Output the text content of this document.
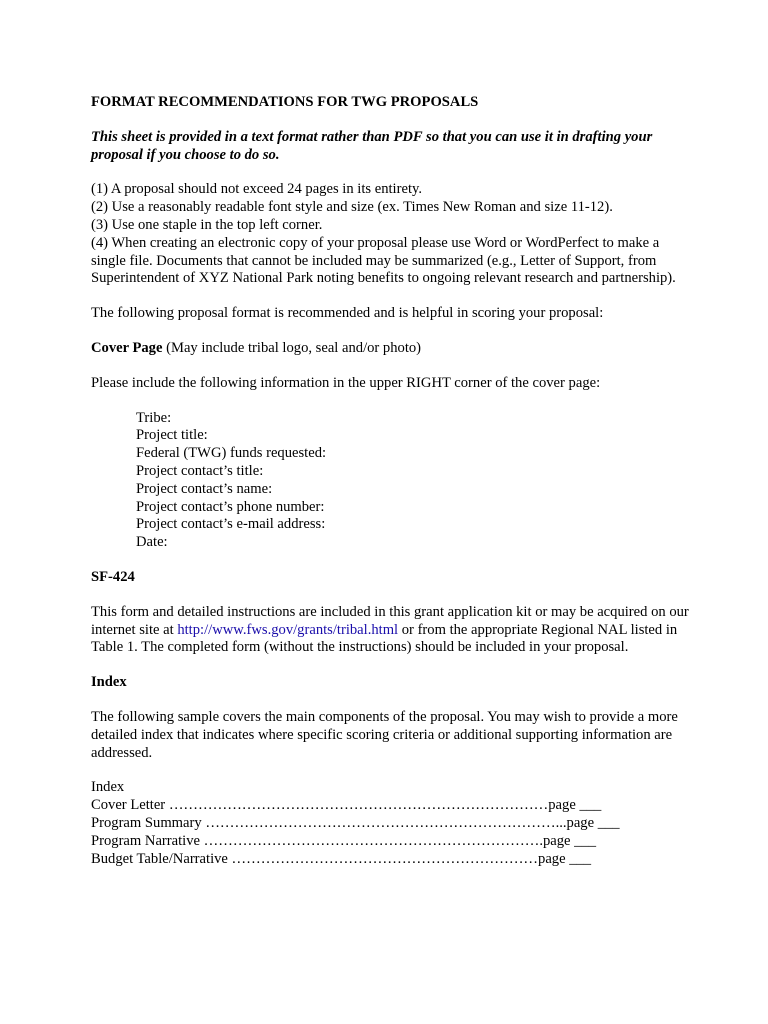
FORMAT RECOMMENDATIONS FOR TWG PROPOSALS

This sheet is provided in a text format rather than PDF so that you can use it in drafting your proposal if you choose to do so.

(1) A proposal should not exceed 24 pages in its entirety.

(2) Use a reasonably readable font style and size (ex. Times New Roman and size 11-12).

(3) Use one staple in the top left corner.

(4) When creating an electronic copy of your proposal please use Word or WordPerfect to make a single file. Documents that cannot be included may be summarized (e.g., Letter of Support, from Superintendent of XYZ National Park noting benefits to ongoing relevant research and partnership).

The following proposal format is recommended and is helpful in scoring your proposal:

Cover Page (May include tribal logo, seal and/or photo)

Please include the following information in the upper RIGHT corner of the cover page:

Tribe:

Project title:

Federal (TWG) funds requested:

Project contact’s title:

Project contact’s name:

Project contact’s phone number:

Project contact’s e-mail address:

Date:

SF-424

This form and detailed instructions are included in this grant application kit or may be acquired on our internet site at http://www.fws.gov/grants/tribal.html or from the appropriate Regional NAL listed in Table 1. The completed form (without the instructions) should be included in your proposal.

Index

The following sample covers the main components of the proposal. You may wish to provide a more detailed index that indicates where specific scoring criteria or additional supporting information are addressed.

Index

Cover Letter ……………………………………………………………………page ___

Program Summary ………………………………………………………………...page ___

Program Narrative …………………………………………………………….page ___

Budget Table/Narrative ………………………………………………………page ___
